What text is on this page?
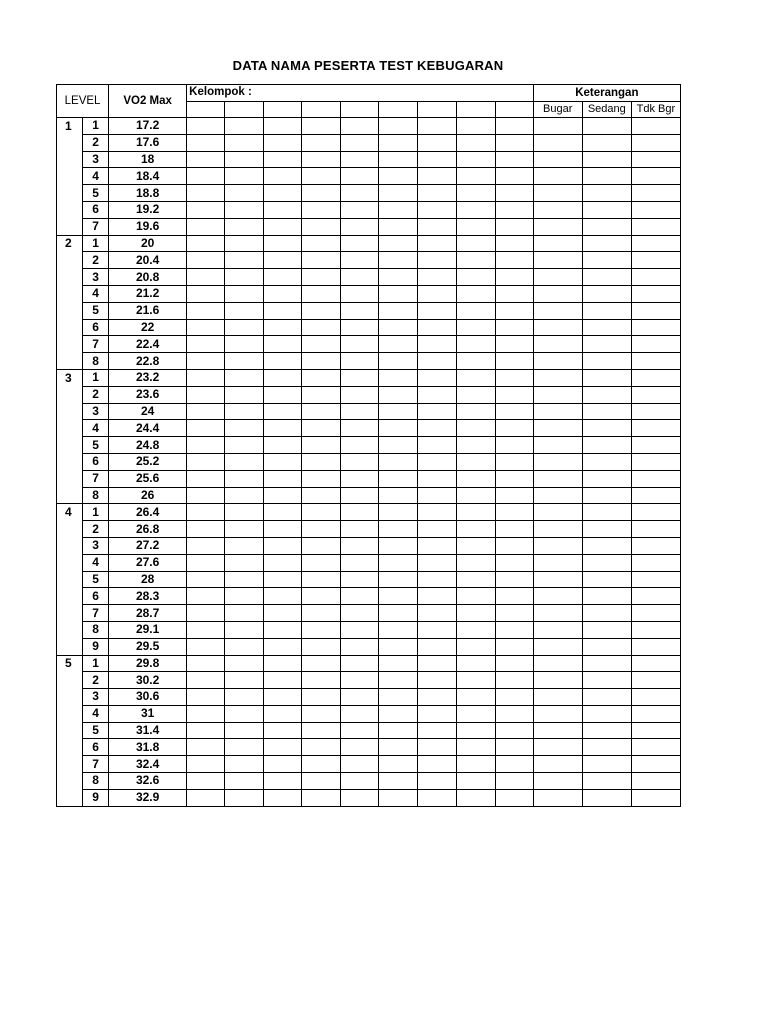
DATA NAMA PESERTA TEST KEBUGARAN
LEVEL		VO2 Max	Kelompok :									Keterangan		
												Bugar	Sedang	Tdk Bgr
1	1	17.2												
	2	17.6												
	3	18												
	4	18.4												
	5	18.8												
	6	19.2												
	7	19.6												
2	1	20												
	2	20.4												
	3	20.8												
	4	21.2												
	5	21.6												
	6	22												
	7	22.4												
	8	22.8												
3	1	23.2												
	2	23.6												
	3	24												
	4	24.4												
	5	24.8												
	6	25.2												
	7	25.6												
	8	26												
4	1	26.4												
	2	26.8												
	3	27.2												
	4	27.6												
	5	28												
	6	28.3												
	7	28.7												
	8	29.1												
	9	29.5												
5	1	29.8												
	2	30.2												
	3	30.6												
	4	31												
	5	31.4												
	6	31.8												
	7	32.4												
	8	32.6												
	9	32.9												
